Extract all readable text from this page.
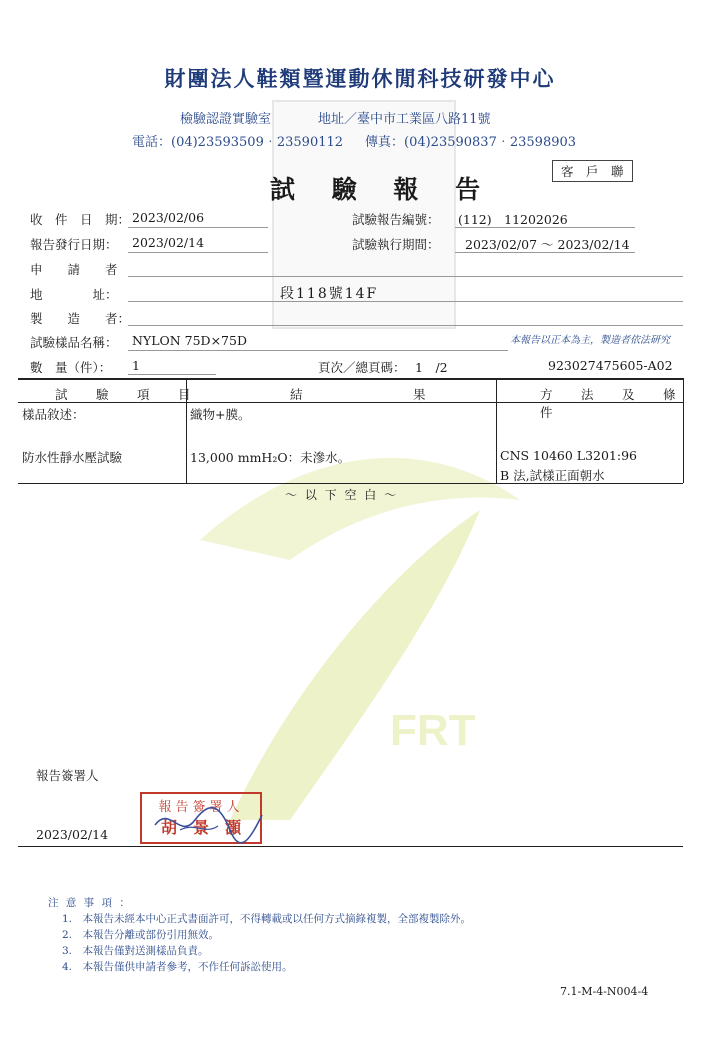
FRT
財團法人鞋類暨運動休閒科技研發中心
檢驗認證實驗室	地址／臺中市工業區八路11號
電話：(04)23593509‧23590112 傳真：(04)23590837‧23598903
客　戶　聯
試 驗 報 告
收　件　日　期： 2023/02/06	試驗報告編號： (112)　11202026
報告發行日期： 2023/02/14	試驗執行期間： 2023/02/07 ～ 2023/02/14
申　　請　　者
地　　　　址：	段118號14F
製　　造　　者：
試驗樣品名稱： NYLON 75D×75D	本報告以正本為主，製造者依法研究
數　量（件）： 1	頁次／總頁碼： 1　/2	923027475605-A02
試　驗　項　目	結　　　　　果	方　法　及　條　件
樣品敘述：	織物+膜。
防水性靜水壓試驗	13,000 mmH₂O：未滲水。	CNS 10460 L3201:96
B 法,試樣正面朝水
～ 以 下 空 白 ～
報告簽署人
報告簽署人
胡　景　灝
2023/02/14
注 意 事 項 ：
1.　本報告未經本中心正式書面許可，不得轉載或以任何方式摘錄複製，全部複製除外。
2.　本報告分離或部份引用無效。
3.　本報告僅對送測樣品負責。
4.　本報告僅供申請者參考，不作任何訴訟使用。
7.1-M-4-N004-4
